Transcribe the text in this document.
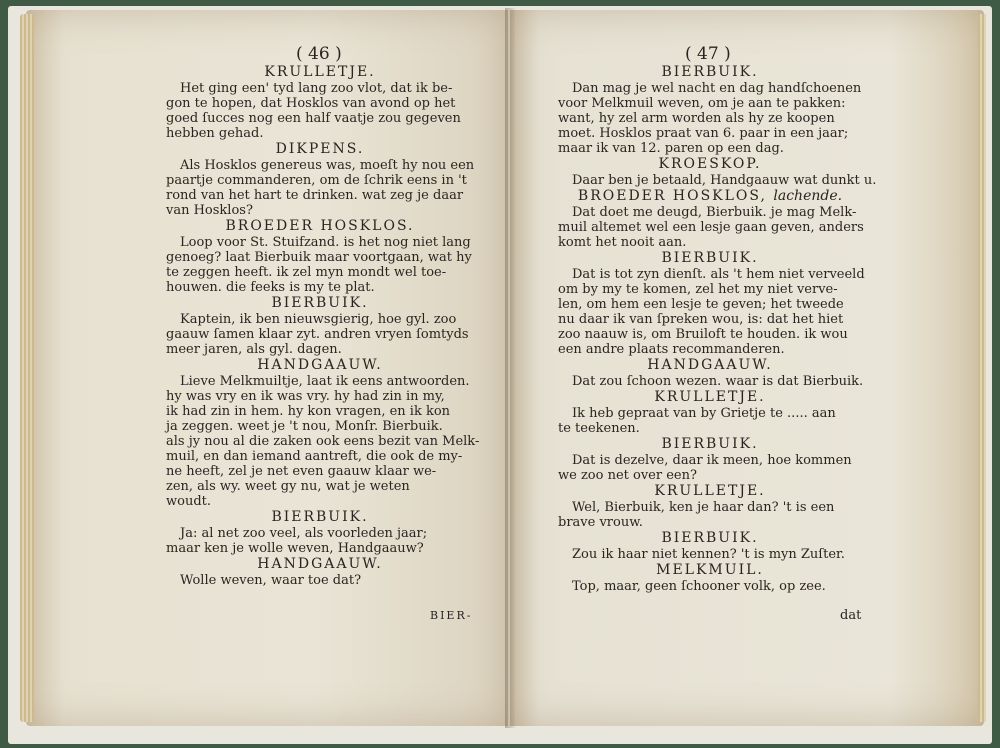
( 46 )	( 47 )
KRULLETJE.
Het ging een' tyd lang zoo vlot, dat ik be-
gon te hopen, dat Hosklos van avond op het
goed ſucces nog een half vaatje zou gegeven
hebben gehad.
DIKPENS.
Als Hosklos genereus was, moeſt hy nou een
paartje commanderen, om de ſchrik eens in 't
rond van het hart te drinken. wat zeg je daar
van Hosklos?
BROEDER HOSKLOS.
Loop voor St. Stuifzand. is het nog niet lang
genoeg? laat Bierbuik maar voortgaan, wat hy
te zeggen heeft. ik zel myn mondt wel toe-
houwen. die feeks is my te plat.
BIERBUIK.
Kaptein, ik ben nieuwsgierig, hoe gyl. zoo
gaauw ſamen klaar zyt. andren vryen ſomtyds
meer jaren, als gyl. dagen.
HANDGAAUW.
Lieve Melkmuiltje, laat ik eens antwoorden.
hy was vry en ik was vry. hy had zin in my,
ik had zin in hem. hy kon vragen, en ik kon
ja zeggen. weet je 't nou, Monſr. Bierbuik.
als jy nou al die zaken ook eens bezit van Melk-
muil, en dan iemand aantreft, die ook de my-
ne heeft, zel je net even gaauw klaar we-
zen, als wy. weet gy nu, wat je weten
woudt.
BIERBUIK.
Ja: al net zoo veel, als voorleden jaar;
maar ken je wolle weven, Handgaauw?
HANDGAAUW.
Wolle weven, waar toe dat?
BIERBUIK.
Dan mag je wel nacht en dag handſchoenen
voor Melkmuil weven, om je aan te pakken:
want, hy zel arm worden als hy ze koopen
moet. Hosklos praat van 6. paar in een jaar;
maar ik van 12. paren op een dag.
KROESKOP.
Daar ben je betaald, Handgaauw wat dunkt u.
BROEDER HOSKLOS, lachende.
Dat doet me deugd, Bierbuik. je mag Melk-
muil altemet wel een lesje gaan geven, anders
komt het nooit aan.
BIERBUIK.
Dat is tot zyn dienſt. als 't hem niet verveeld
om by my te komen, zel het my niet verve-
len, om hem een lesje te geven; het tweede
nu daar ik van ſpreken wou, is: dat het hiet
zoo naauw is, om Bruiloft te houden. ik wou
een andre plaats recommanderen.
HANDGAAUW.
Dat zou ſchoon wezen. waar is dat Bierbuik.
KRULLETJE.
Ik heb gepraat van by Grietje te ..... aan
te teekenen.
BIERBUIK.
Dat is dezelve, daar ik meen, hoe kommen
we zoo net over een?
KRULLETJE.
Wel, Bierbuik, ken je haar dan? 't is een
brave vrouw.
BIERBUIK.
Zou ik haar niet kennen? 't is myn Zuſter.
MELKMUIL.
Top, maar, geen ſchooner volk, op zee.
BIER-	dat
